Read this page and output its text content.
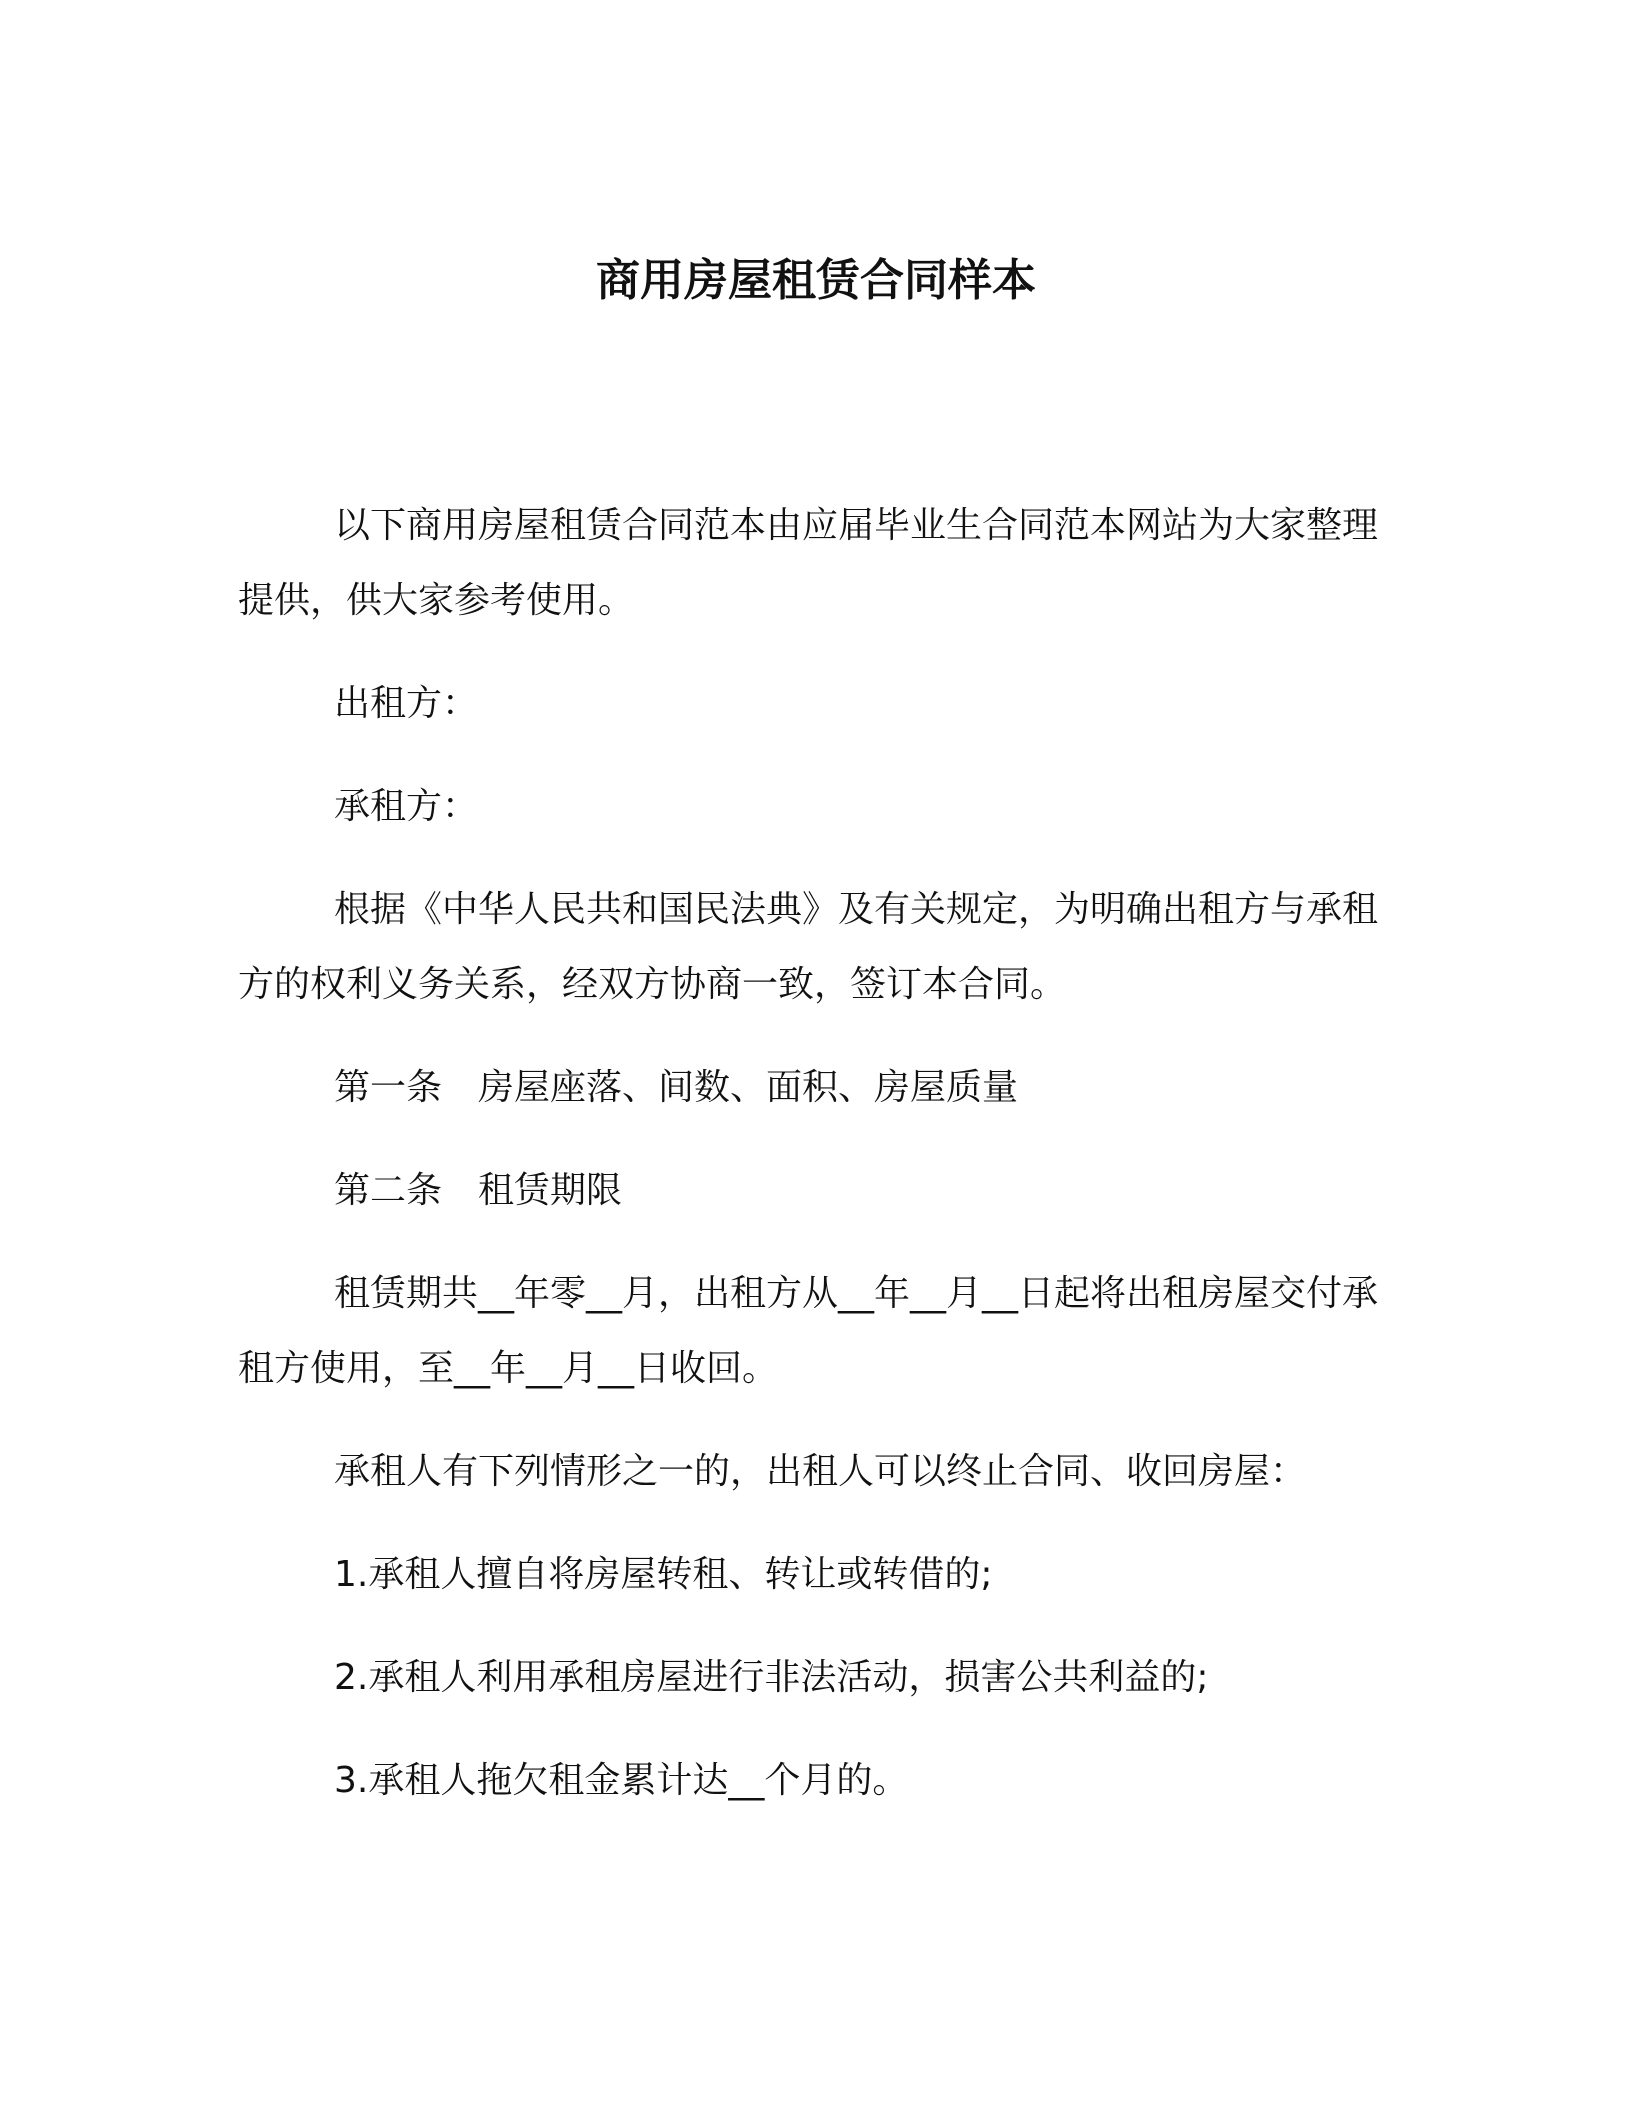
商用房屋租赁合同样本

以下商用房屋租赁合同范本由应届毕业生合同范本网站为大家整理提供，供大家参考使用。

出租方：

承租方：

根据《中华人民共和国民法典》及有关规定，为明确出租方与承租方的权利义务关系，经双方协商一致，签订本合同。

第一条　房屋座落、间数、面积、房屋质量

第二条　租赁期限

租赁期共__年零__月，出租方从__年__月__日起将出租房屋交付承租方使用，至__年__月__日收回。

承租人有下列情形之一的，出租人可以终止合同、收回房屋：

1.承租人擅自将房屋转租、转让或转借的;

2.承租人利用承租房屋进行非法活动，损害公共利益的;

3.承租人拖欠租金累计达__个月的。
